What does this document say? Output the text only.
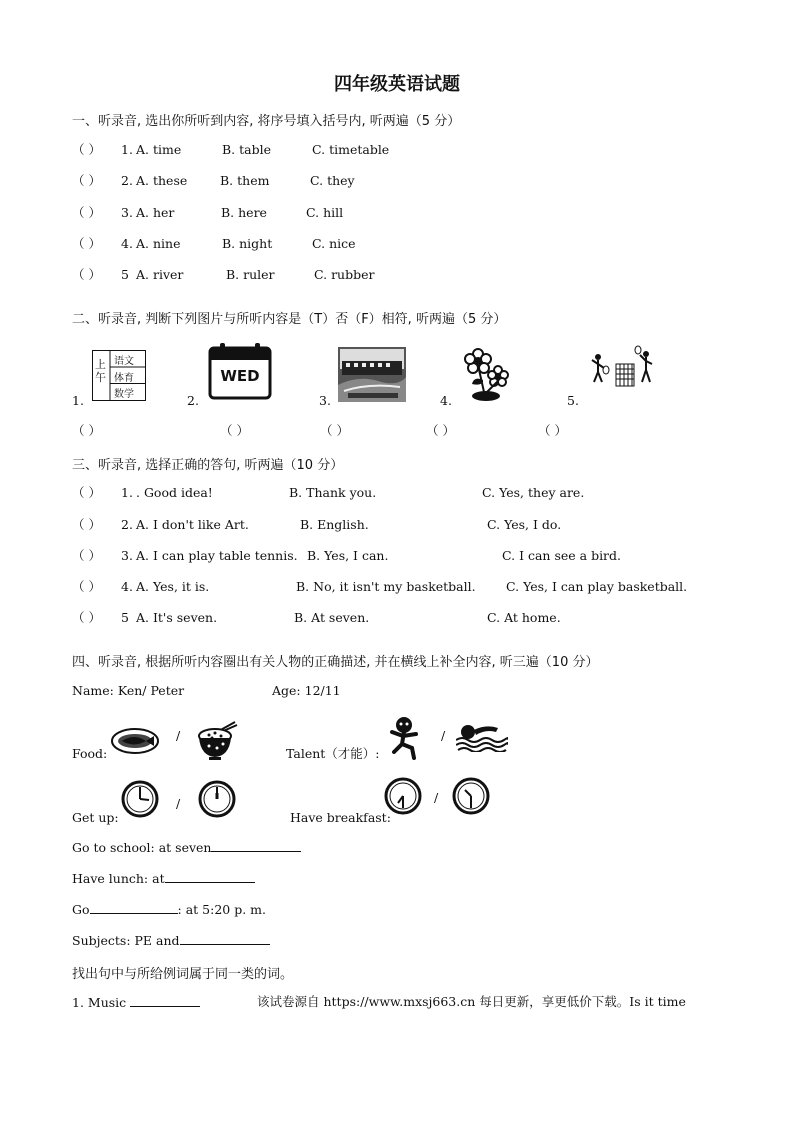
四年级英语试题
一、听录音, 选出你所听到内容, 将序号填入括号内, 听两遍（5 分）
（ ） 1. A. time	B. table	C. timetable
（ ） 2. A. these	B. them	C. they
（ ） 3. A. her	B. here	C. hill
（ ） 4. A. nine	B. night	C. nice
（ ） 5 A. river	B. ruler	C. rubber
二、听录音, 判断下列图片与所听内容是（T）否（F）相符, 听两遍（5 分）
1.	2.	3.	4.	5.
上午
语文
体育
数学
WED
（ ）	（ ）	（ ）	（ ）	（ ）
三、听录音, 选择正确的答句, 听两遍（10 分）
（ ） 1. . Good idea!	B. Thank you.	C. Yes, they are.
（ ） 2. A. I don't like Art.	B. English.	C. Yes, I do.
（ ） 3. A. I can play table tennis. B. Yes, I can.	C. I can see a bird.
（ ） 4. A. Yes, it is.	B. No, it isn't my basketball. C. Yes, I can play basketball.
（ ） 5 A. It's seven.	B. At seven.	C. At home.
四、听录音, 根据所听内容圈出有关人物的正确描述, 并在横线上补全内容, 听三遍（10 分）
Name: Ken/ Peter	Age: 12/11
Food:
/
Talent（才能）:
/
Get up:
/
Have breakfast:
/
Go to school: at seven
Have lunch: at
Go	: at 5:20 p. m.
Subjects: PE and
找出句中与所给例词属于同一类的词。
1. Music	该试卷源自 https://www.mxsj663.cn 每日更新，享更低价下载。Is it time
